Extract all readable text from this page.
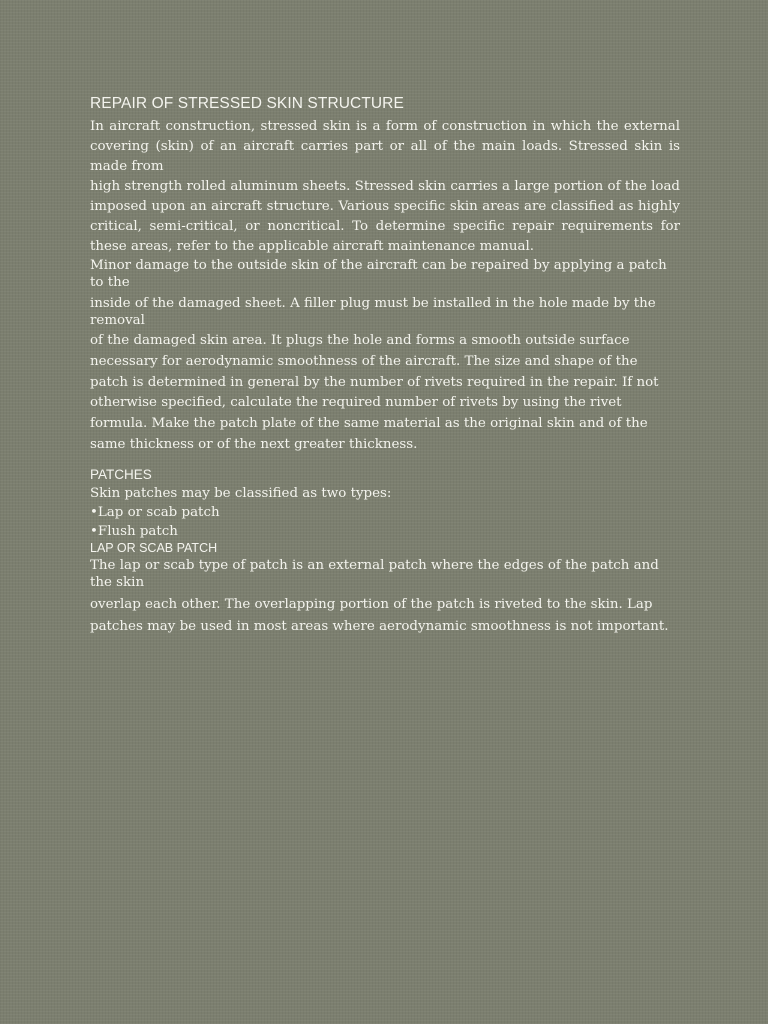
REPAIR OF STRESSED SKIN STRUCTURE

In aircraft construction, stressed skin is a form of construction in which the external covering (skin) of an aircraft carries part or all of the main loads. Stressed skin is made from

high strength rolled aluminum sheets. Stressed skin carries a large portion of the load imposed upon an aircraft structure. Various specific skin areas are classified as highly critical, semi-critical, or noncritical. To determine specific repair requirements for these areas, refer to the applicable aircraft maintenance manual.

Minor damage to the outside skin of the aircraft can be repaired by applying a patch to the

inside of the damaged sheet. A filler plug must be installed in the hole made by the removal

of the damaged skin area. It plugs the hole and forms a smooth outside surface

necessary for aerodynamic smoothness of the aircraft. The size and shape of the

patch is determined in general by the number of rivets required in the repair. If not

otherwise specified, calculate the required number of rivets by using the rivet

formula. Make the patch plate of the same material as the original skin and of the

same thickness or of the next greater thickness.

PATCHES

Skin patches may be classified as two types:

•Lap or scab patch

•Flush patch

LAP OR SCAB PATCH

The lap or scab type of patch is an external patch where the edges of the patch and the skin

overlap each other. The overlapping portion of the patch is riveted to the skin. Lap

patches may be used in most areas where aerodynamic smoothness is not important.
